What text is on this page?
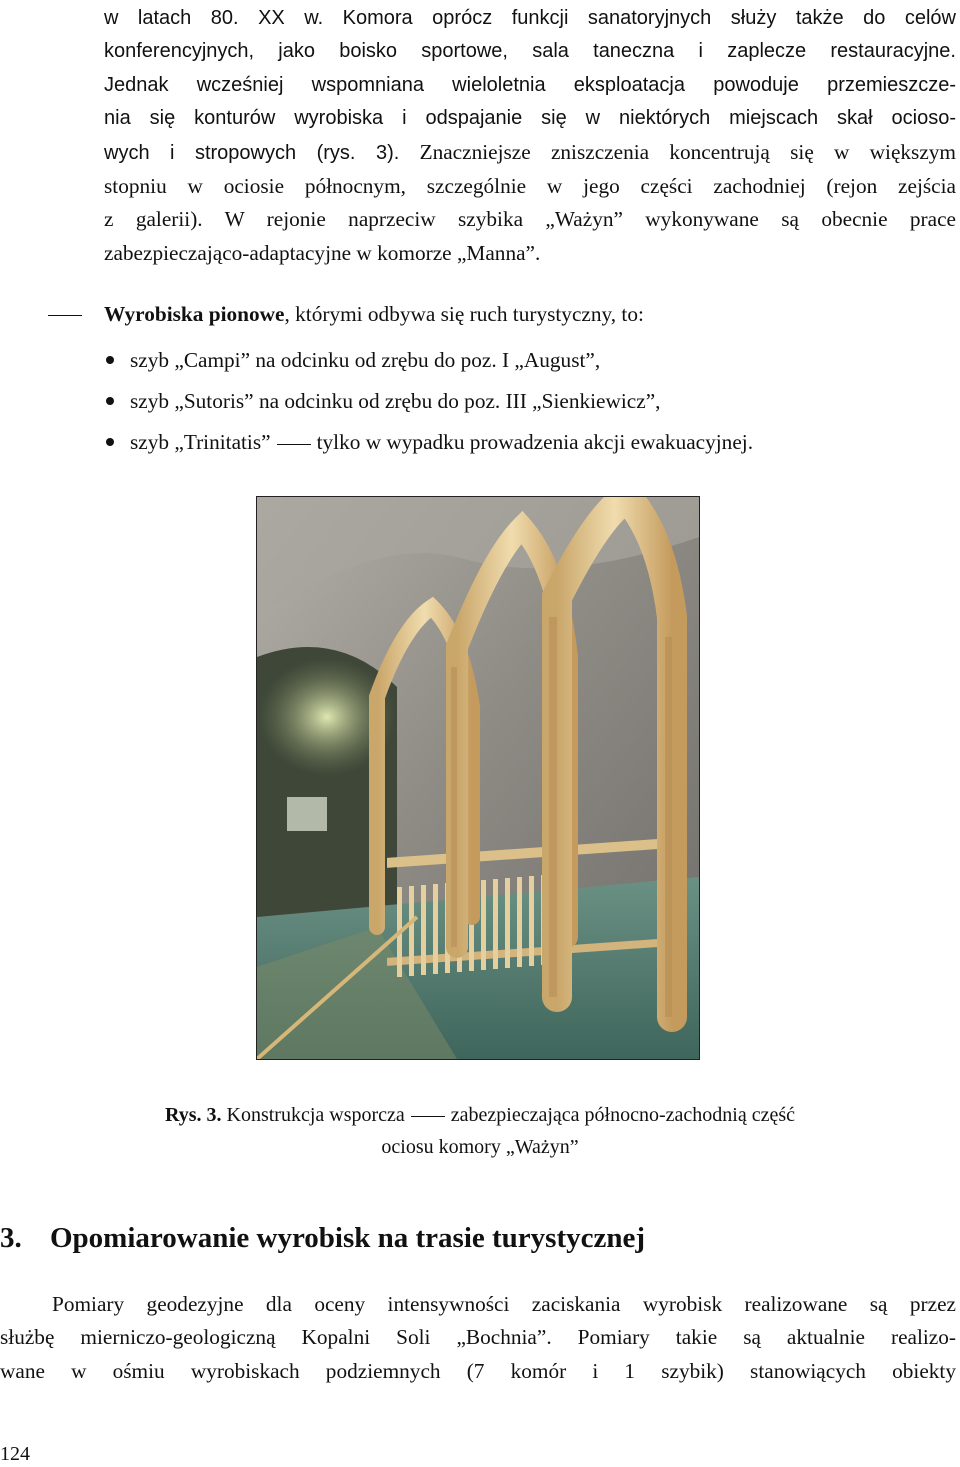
w latach 80. XX w. Komora oprócz funkcji sanatoryjnych służy także do celów
konferencyjnych, jako boisko sportowe, sala taneczna i zaplecze restauracyjne.
Jednak wcześniej wspomniana wieloletnia eksploatacja powoduje przemieszcze-
nia się konturów wyrobiska i odspajanie się w niektórych miejscach skał ocioso-
wych i stropowych (rys. 3). Znaczniejsze zniszczenia koncentrują się w większym
stopniu w ociosie północnym, szczególnie w jego części zachodniej (rejon zejścia
z galerii). W rejonie naprzeciw szybika „Ważyn” wykonywane są obecnie prace
zabezpieczająco-adaptacyjne w komorze „Manna”.
Wyrobiska pionowe, którymi odbywa się ruch turystyczny, to:
szyb „Campi” na odcinku od zrębu do poz. I „August”,
szyb „Sutoris” na odcinku od zrębu do poz. III „Sienkiewicz”,
szyb „Trinitatis” tylko w wypadku prowadzenia akcji ewakuacyjnej.
Rys. 3. Konstrukcja wsporcza zabezpieczająca północno-zachodnią część
ociosu komory „Ważyn”
3. Opomiarowanie wyrobisk na trasie turystycznej
Pomiary geodezyjne dla oceny intensywności zaciskania wyrobisk realizowane są przez
służbę mierniczo-geologiczną Kopalni Soli „Bochnia”. Pomiary takie są aktualnie realizo-
wane w ośmiu wyrobiskach podziemnych (7 komór i 1 szybik) stanowiących obiekty
124
